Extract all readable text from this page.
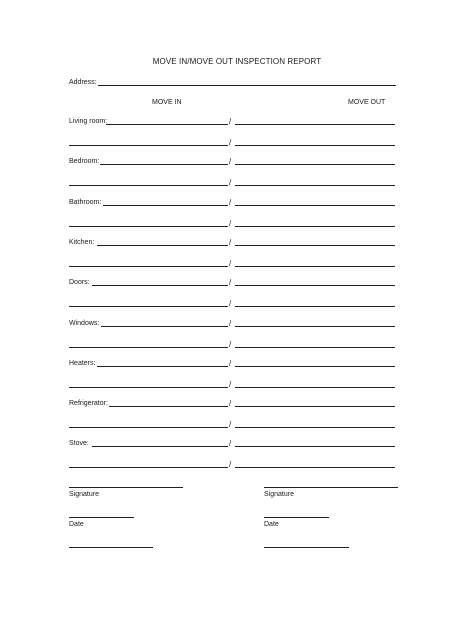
MOVE IN/MOVE OUT INSPECTION REPORT
Address:
MOVE IN	MOVE OUT
Living room:	/
/
Bedroom:	/
/
Bathroom:	/
/
Kitchen:	/
/
Doors:	/
/
Windows:	/
/
Heaters:	/
/
Refrigerator:	/
/
Stove:	/
/
Signature	Signature
Date	Date
